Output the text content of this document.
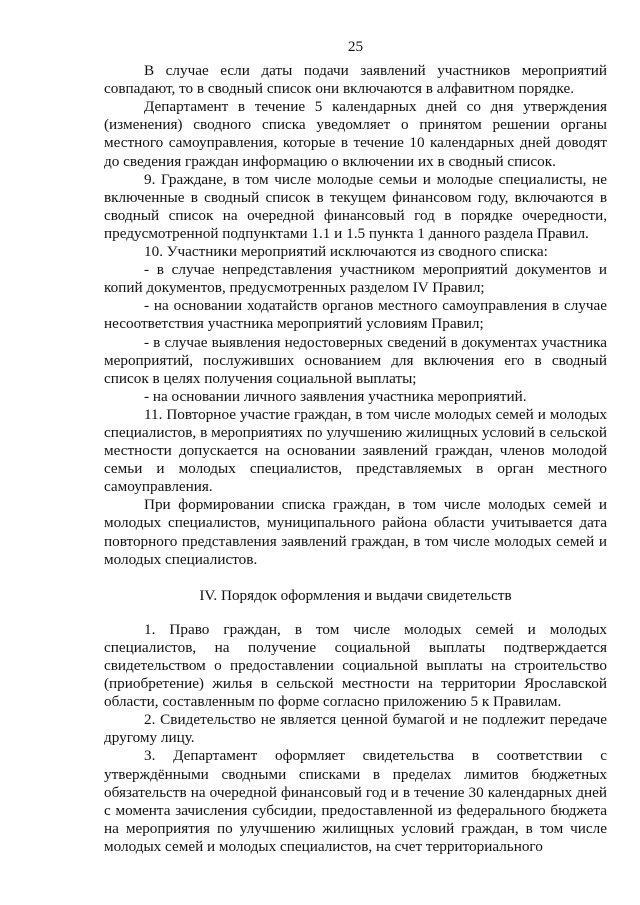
25

В случае если даты подачи заявлений участников мероприятий совпадают, то в сводный список они включаются в алфавитном порядке.

Департамент в течение 5 календарных дней со дня утверждения (изменения) сводного списка уведомляет о принятом решении органы местного самоуправления, которые в течение 10 календарных дней доводят до сведения граждан информацию о включении их в сводный список.

9. Граждане, в том числе молодые семьи и молодые специалисты, не включенные в сводный список в текущем финансовом году, включаются в сводный список на очередной финансовый год в порядке очередности, предусмотренной подпунктами 1.1 и 1.5 пункта 1 данного раздела Правил.

10. Участники мероприятий исключаются из сводного списка:

- в случае непредставления участником мероприятий документов и копий документов, предусмотренных разделом IV Правил;

- на основании ходатайств органов местного самоуправления в случае несоответствия участника мероприятий условиям Правил;

- в случае выявления недостоверных сведений в документах участника мероприятий, послуживших основанием для включения его в сводный список в целях получения социальной выплаты;

- на основании личного заявления участника мероприятий.

11. Повторное участие граждан, в том числе молодых семей и молодых специалистов, в мероприятиях по улучшению жилищных условий в сельской местности допускается на основании заявлений граждан, членов молодой семьи и молодых специалистов, представляемых в орган местного самоуправления.

При формировании списка граждан, в том числе молодых семей и молодых специалистов, муниципального района области учитывается дата повторного представления заявлений граждан, в том числе молодых семей и молодых специалистов.

IV. Порядок оформления и выдачи свидетельств

1. Право граждан, в том числе молодых семей и молодых специалистов, на получение социальной выплаты подтверждается свидетельством о предоставлении социальной выплаты на строительство (приобретение) жилья в сельской местности на территории Ярославской области, составленным по форме согласно приложению 5 к Правилам.

2. Свидетельство не является ценной бумагой и не подлежит передаче другому лицу.

3. Департамент оформляет свидетельства в соответствии с утверждёнными сводными списками в пределах лимитов бюджетных обязательств на очередной финансовый год и в течение 30 календарных дней с момента зачисления субсидии, предоставленной из федерального бюджета на мероприятия по улучшению жилищных условий граждан, в том числе молодых семей и молодых специалистов, на счет территориального
